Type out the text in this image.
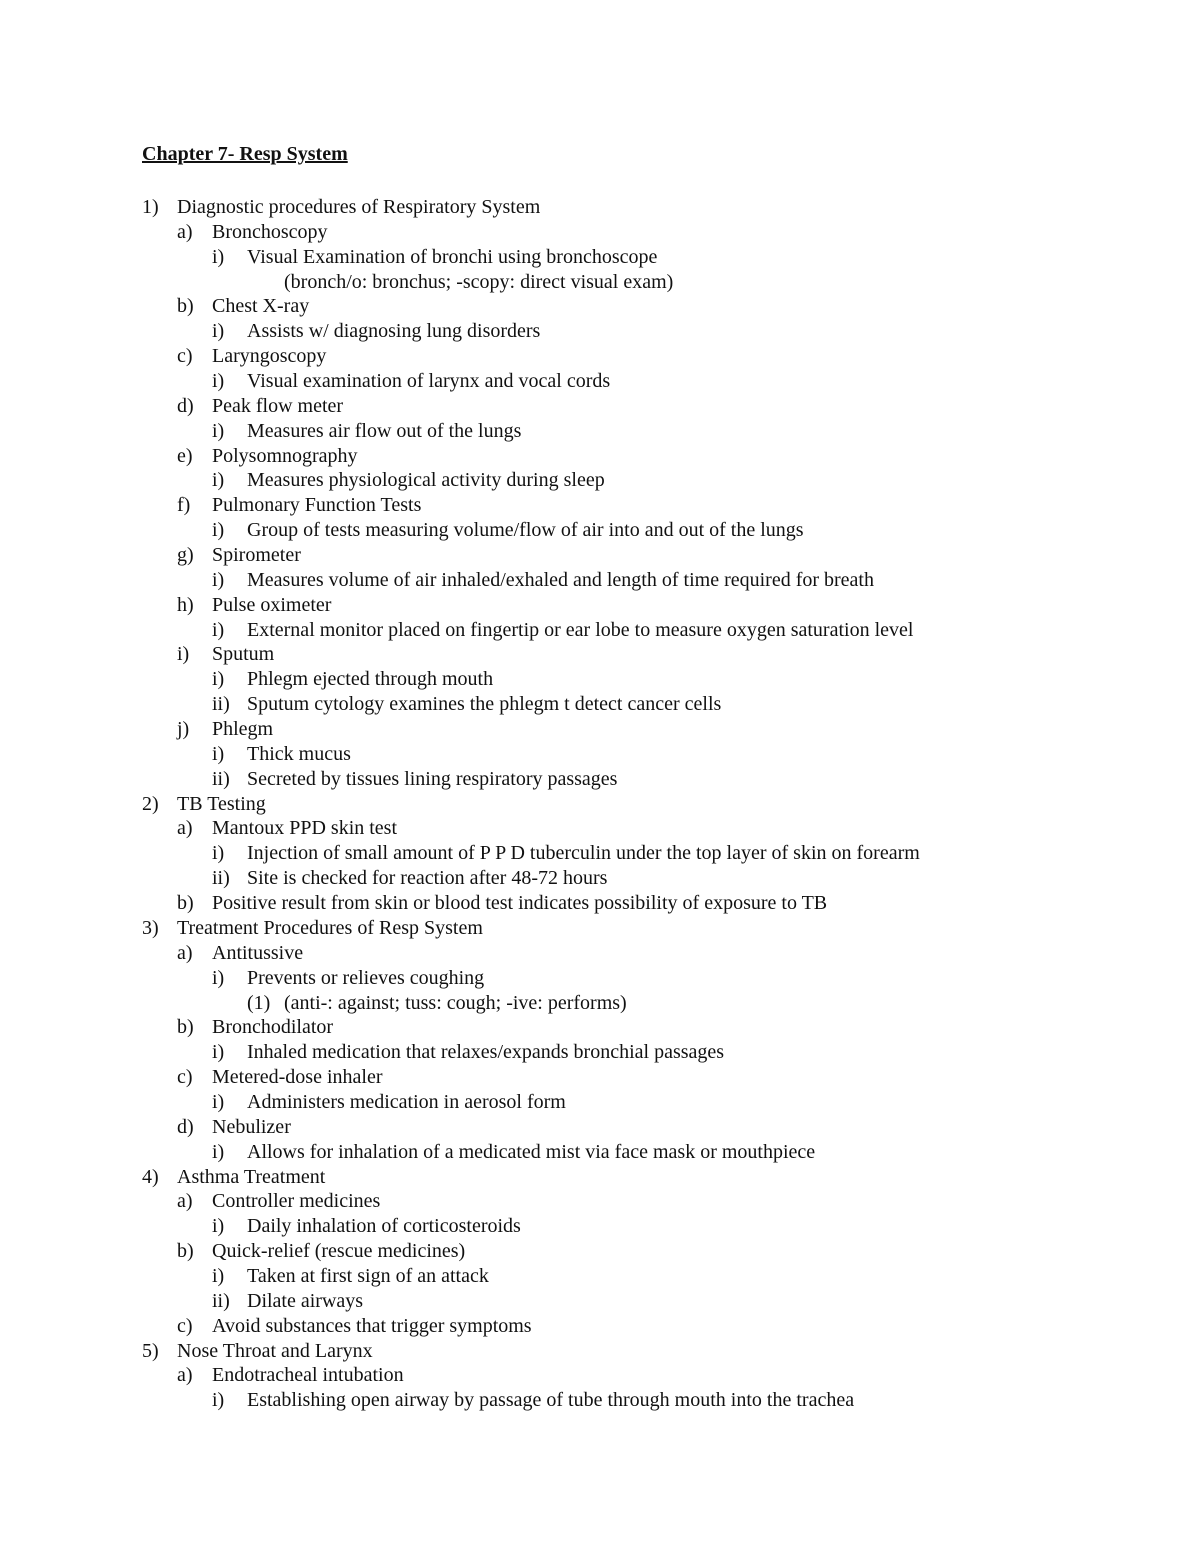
Chapter 7- Resp System
1) Diagnostic procedures of Respiratory System
a) Bronchoscopy
i) Visual Examination of bronchi using bronchoscope
(bronch/o: bronchus; -scopy: direct visual exam)
b) Chest X-ray
i) Assists w/ diagnosing lung disorders
c) Laryngoscopy
i) Visual examination of larynx and vocal cords
d) Peak flow meter
i) Measures air flow out of the lungs
e) Polysomnography
i) Measures physiological activity during sleep
f) Pulmonary Function Tests
i) Group of tests measuring volume/flow of air into and out of the lungs
g) Spirometer
i) Measures volume of air inhaled/exhaled and length of time required for breath
h) Pulse oximeter
i) External monitor placed on fingertip or ear lobe to measure oxygen saturation level
i) Sputum
i) Phlegm ejected through mouth
ii) Sputum cytology examines the phlegm t detect cancer cells
j) Phlegm
i) Thick mucus
ii) Secreted by tissues lining respiratory passages
2) TB Testing
a) Mantoux PPD skin test
i) Injection of small amount of P P D tuberculin under the top layer of skin on forearm
ii) Site is checked for reaction after 48-72 hours
b) Positive result from skin or blood test indicates possibility of exposure to TB
3) Treatment Procedures of Resp System
a) Antitussive
i) Prevents or relieves coughing
(1) (anti-: against; tuss: cough; -ive: performs)
b) Bronchodilator
i) Inhaled medication that relaxes/expands bronchial passages
c) Metered-dose inhaler
i) Administers medication in aerosol form
d) Nebulizer
i) Allows for inhalation of a medicated mist via face mask or mouthpiece
4) Asthma Treatment
a) Controller medicines
i) Daily inhalation of corticosteroids
b) Quick-relief (rescue medicines)
i) Taken at first sign of an attack
ii) Dilate airways
c) Avoid substances that trigger symptoms
5) Nose Throat and Larynx
a) Endotracheal intubation
i) Establishing open airway by passage of tube through mouth into the trachea
